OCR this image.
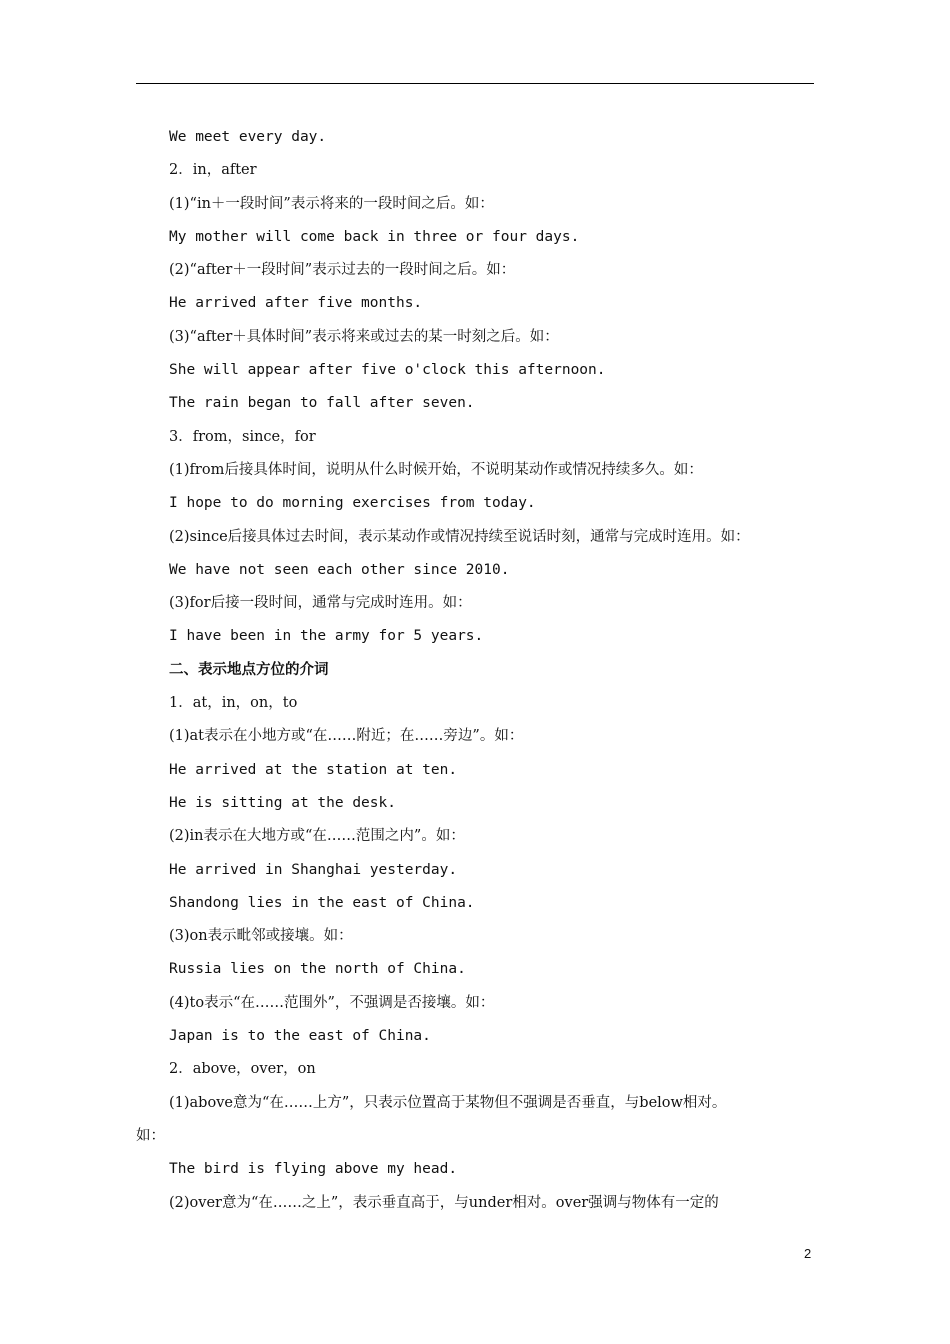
We meet every day.
2．in，after
(1)“in＋一段时间”表示将来的一段时间之后。如：
My mother will come back in three or four days.
(2)“after＋一段时间”表示过去的一段时间之后。如：
He arrived after five months.
(3)“after＋具体时间”表示将来或过去的某一时刻之后。如：
She will appear after five o'clock this afternoon.
The rain began to fall after seven.
3．from，since，for
(1)from后接具体时间，说明从什么时候开始，不说明某动作或情况持续多久。如：
I hope to do morning exercises from today.
(2)since后接具体过去时间，表示某动作或情况持续至说话时刻，通常与完成时连用。如：
We have not seen each other since 2010.
(3)for后接一段时间，通常与完成时连用。如：
I have been in the army for 5 years.
二、表示地点方位的介词
1．at，in，on，to
(1)at表示在小地方或“在……附近；在……旁边”。如：
He arrived at the station at ten.
He is sitting at the desk.
(2)in表示在大地方或“在……范围之内”。如：
He arrived in Shanghai yesterday.
Shandong lies in the east of China.
(3)on表示毗邻或接壤。如：
Russia lies on the north of China.
(4)to表示“在……范围外”，不强调是否接壤。如：
Japan is to the east of China.
2．above，over，on
(1)above意为“在……上方”，只表示位置高于某物但不强调是否垂直，与below相对。
如：
The bird is flying above my head.
(2)over意为“在……之上”，表示垂直高于，与under相对。over强调与物体有一定的
2
